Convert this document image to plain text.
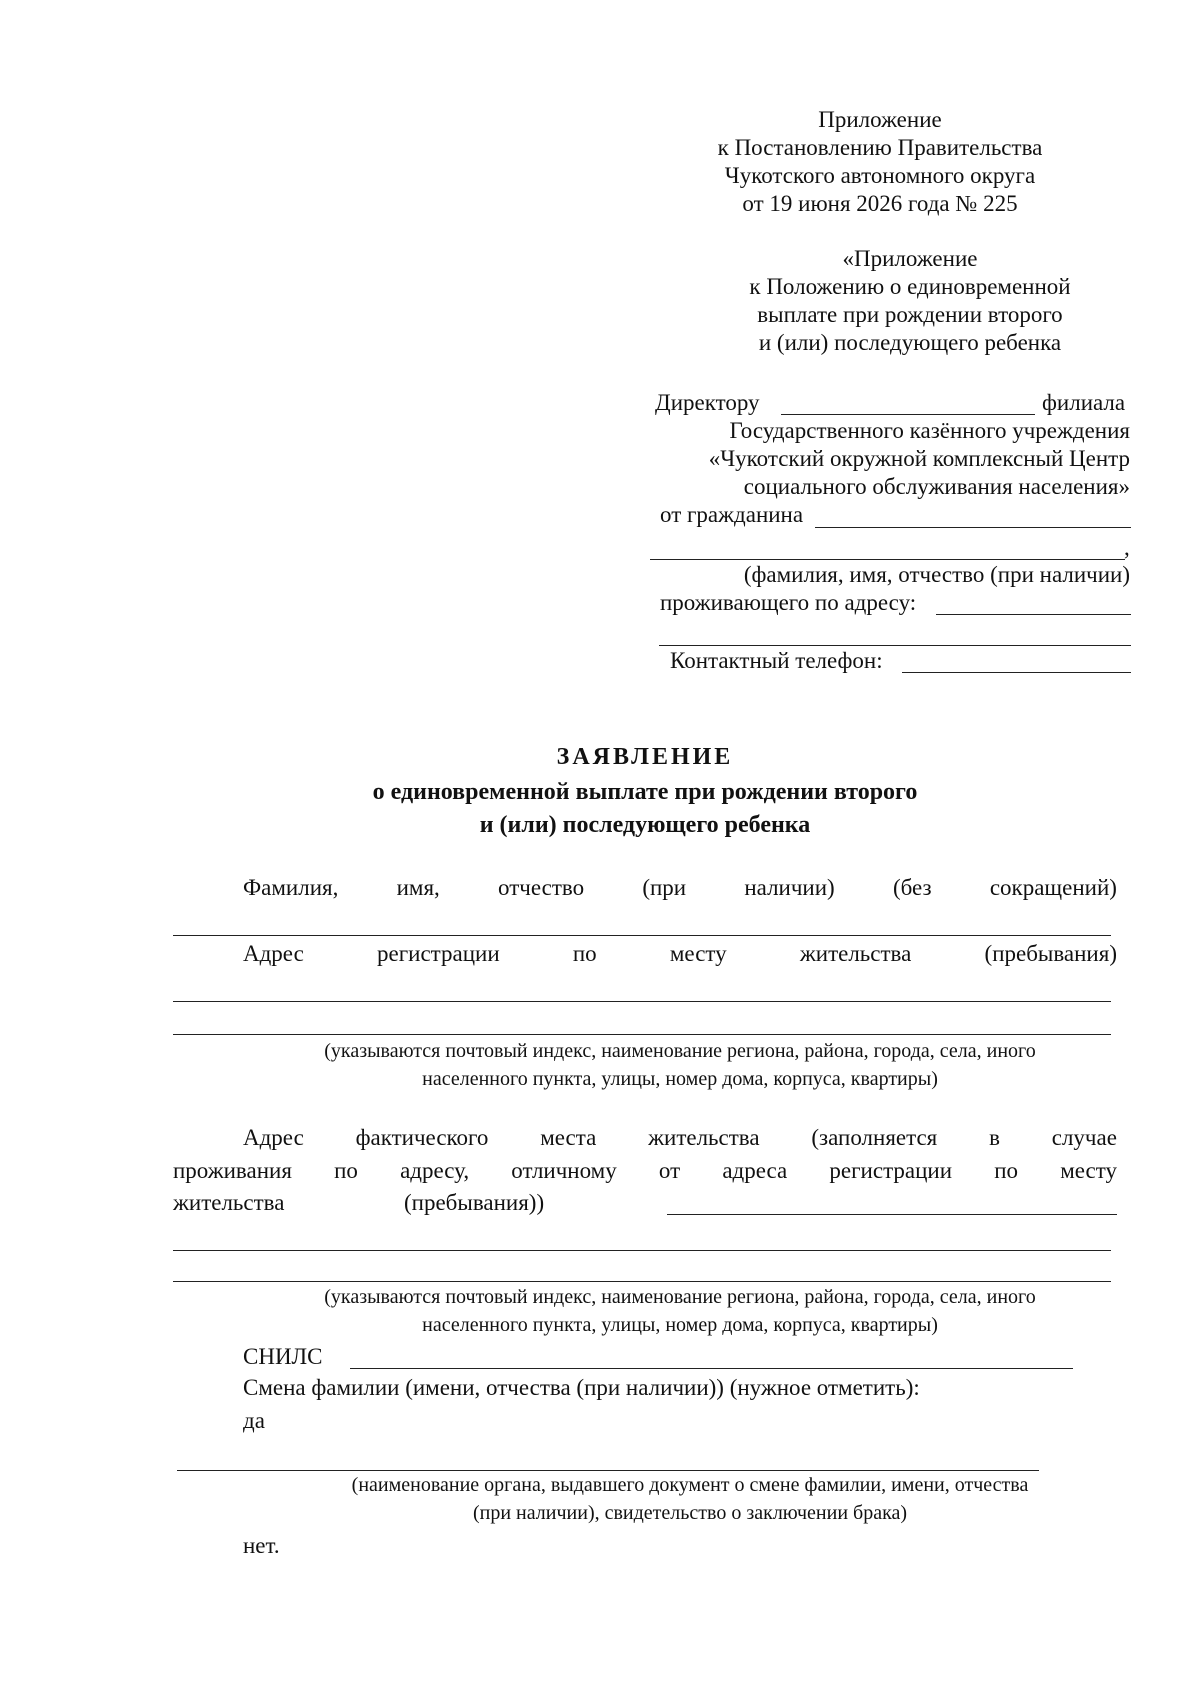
Приложение
к Постановлению Правительства
Чукотского автономного округа
от 19 июня 2026 года № 225
«Приложение
к Положению о единовременной
выплате при рождении второго
и (или) последующего ребенка
Директору	филиала
Государственного казённого учреждения
«Чукотский окружной комплексный Центр
социального обслуживания населения»
от гражданина
,
(фамилия, имя, отчество (при наличии)
проживающего по адресу:
Контактный телефон:
ЗАЯВЛЕНИЕ
о единовременной выплате при рождении второго
и (или) последующего ребенка
Фамилия,	имя,	отчество	(при	наличии)	(без	сокращений)
Адрес	регистрации	по	месту	жительства	(пребывания)
(указываются почтовый индекс, наименование региона, района, города, села, иного
населенного пункта, улицы, номер дома, корпуса, квартиры)
Адрес фактического места жительства (заполняется в случае
проживания по адресу, отличному от адреса регистрации по месту
жительства	(пребывания))
(указываются почтовый индекс, наименование региона, района, города, села, иного
населенного пункта, улицы, номер дома, корпуса, квартиры)
СНИЛС
Смена фамилии (имени, отчества (при наличии)) (нужное отметить):
да
(наименование органа, выдавшего документ о смене фамилии, имени, отчества
(при наличии), свидетельство о заключении брака)
нет.
